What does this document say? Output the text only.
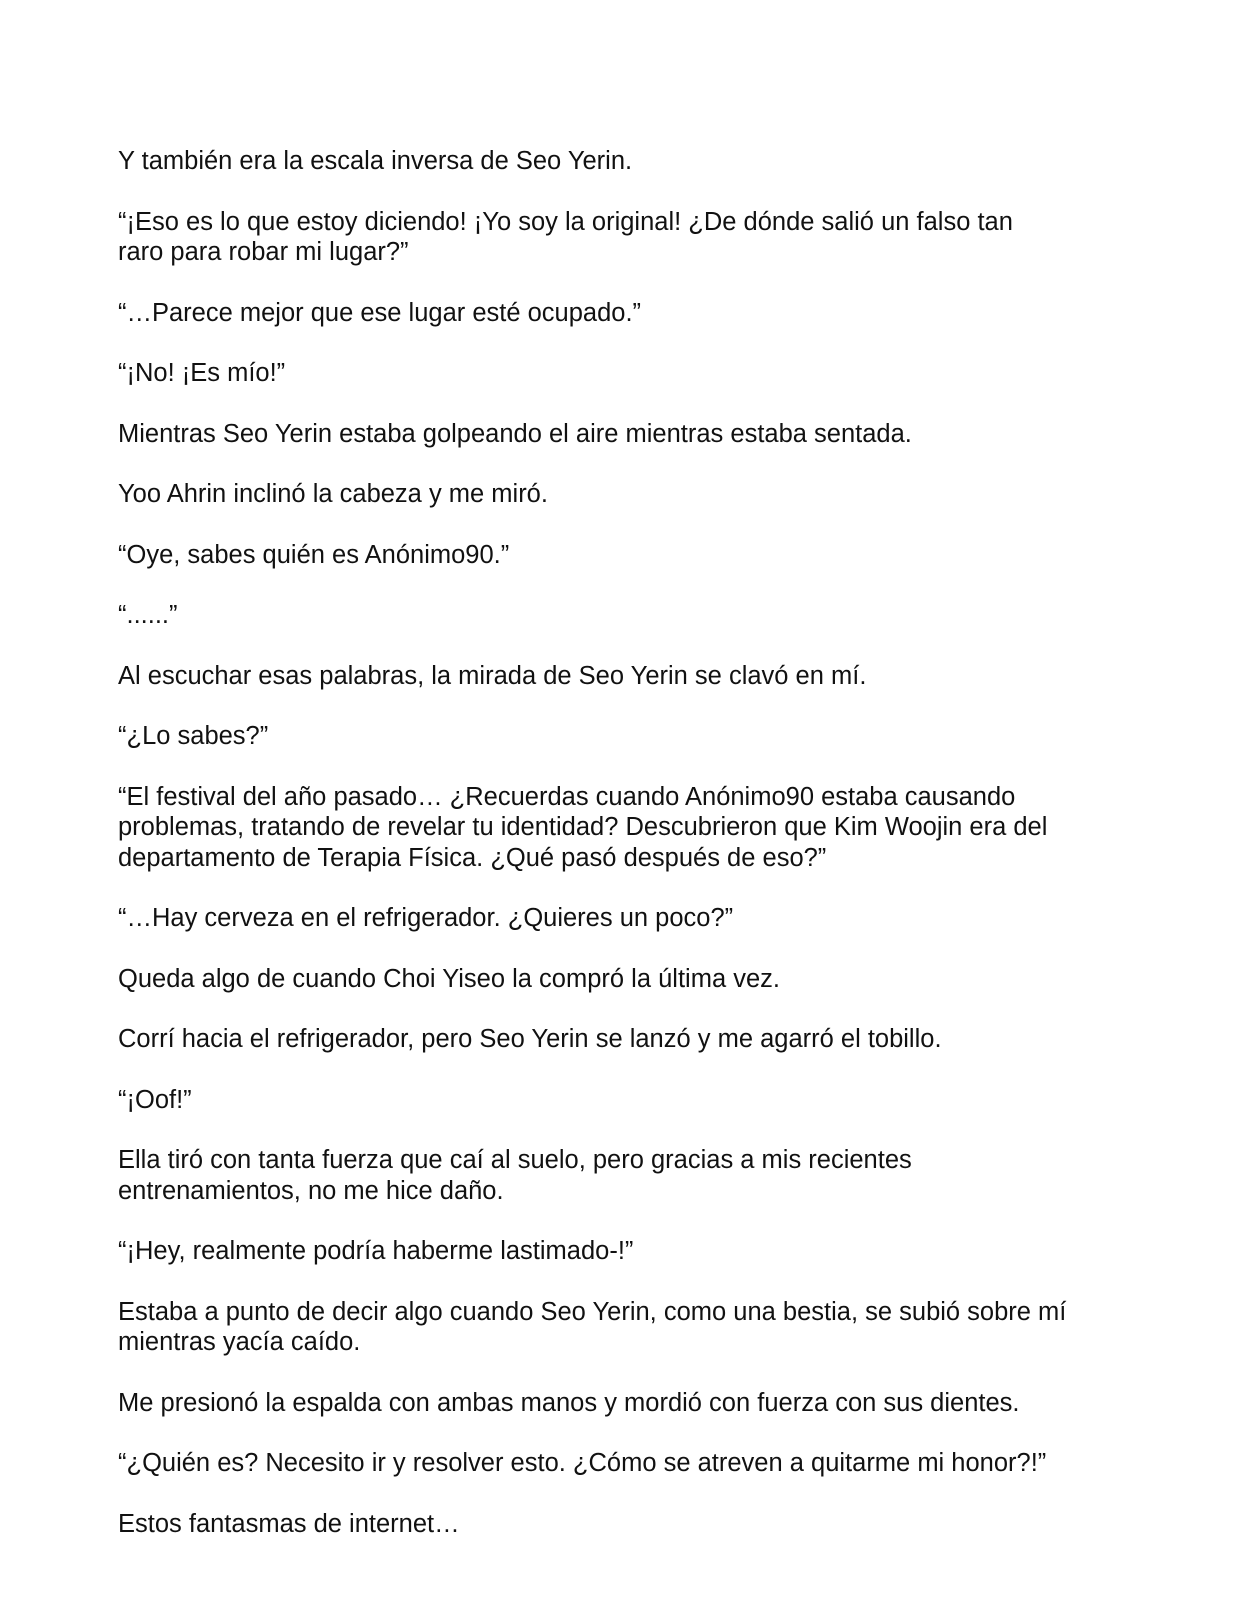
Y también era la escala inversa de Seo Yerin.

“¡Eso es lo que estoy diciendo! ¡Yo soy la original! ¿De dónde salió un falso tan raro para robar mi lugar?”

“…Parece mejor que ese lugar esté ocupado.”

“¡No! ¡Es mío!”

Mientras Seo Yerin estaba golpeando el aire mientras estaba sentada.

Yoo Ahrin inclinó la cabeza y me miró.

“Oye, sabes quién es Anónimo90.”

“......”

Al escuchar esas palabras, la mirada de Seo Yerin se clavó en mí.

“¿Lo sabes?”

“El festival del año pasado… ¿Recuerdas cuando Anónimo90 estaba causando problemas, tratando de revelar tu identidad? Descubrieron que Kim Woojin era del departamento de Terapia Física. ¿Qué pasó después de eso?”

“…Hay cerveza en el refrigerador. ¿Quieres un poco?”

Queda algo de cuando Choi Yiseo la compró la última vez.

Corrí hacia el refrigerador, pero Seo Yerin se lanzó y me agarró el tobillo.

“¡Oof!”

Ella tiró con tanta fuerza que caí al suelo, pero gracias a mis recientes entrenamientos, no me hice daño.

“¡Hey, realmente podría haberme lastimado-!”

Estaba a punto de decir algo cuando Seo Yerin, como una bestia, se subió sobre mí mientras yacía caído.

Me presionó la espalda con ambas manos y mordió con fuerza con sus dientes.

“¿Quién es? Necesito ir y resolver esto. ¿Cómo se atreven a quitarme mi honor?!”

Estos fantasmas de internet…
